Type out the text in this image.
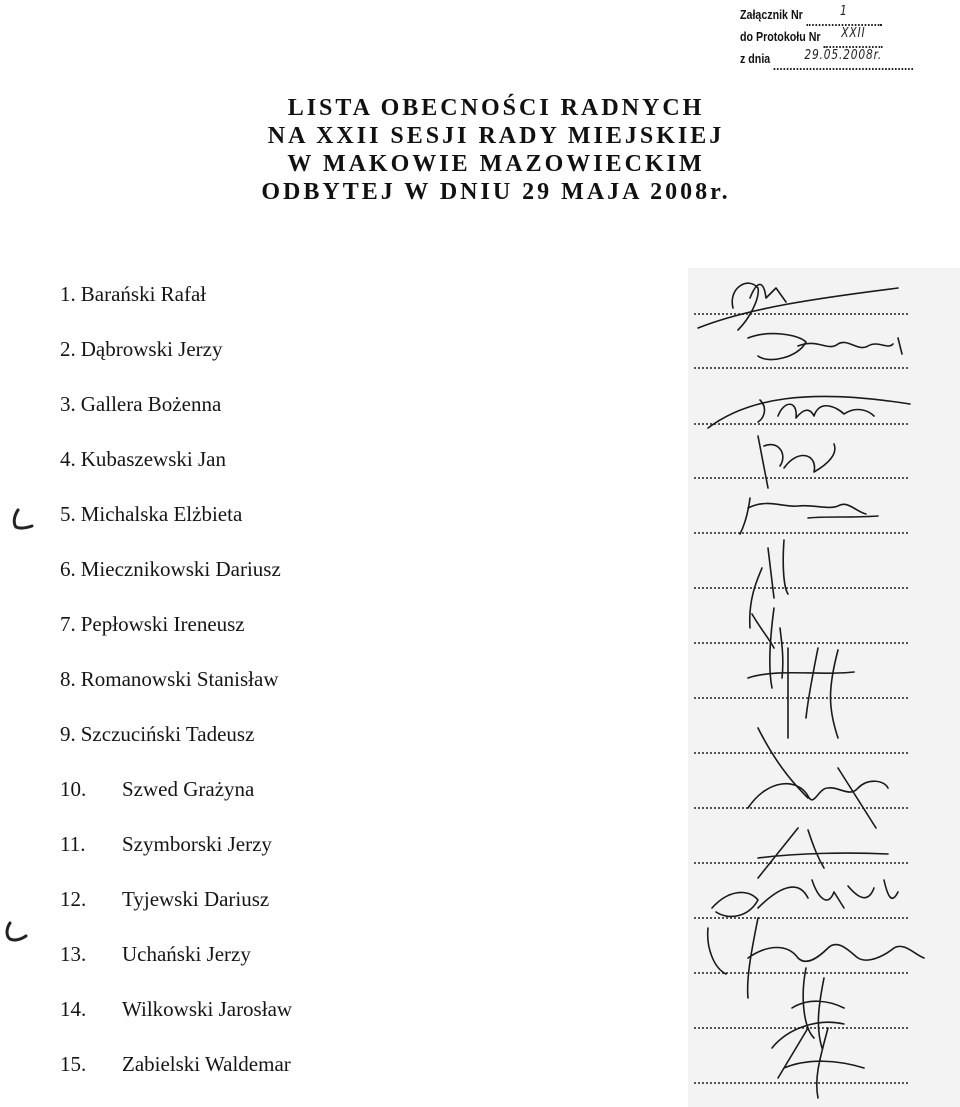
Załącznik Nr	1
do Protokołu Nr	XXII
z dnia	29.05.2008r.
LISTA OBECNOŚCI RADNYCH
NA XXII SESJI RADY MIEJSKIEJ
W MAKOWIE MAZOWIECKIM
ODBYTEJ W DNIU 29 MAJA 2008r.
1. Barański Rafał
2. Dąbrowski Jerzy
3. Gallera Bożenna
4. Kubaszewski Jan
5. Michalska Elżbieta
6. Miecznikowski Dariusz
7. Pepłowski Ireneusz
8. Romanowski Stanisław
9. Szczuciński Tadeusz
10. Szwed Grażyna
11. Szymborski Jerzy
12. Tyjewski Dariusz
13. Uchański Jerzy
14. Wilkowski Jarosław
15. Zabielski Waldemar
